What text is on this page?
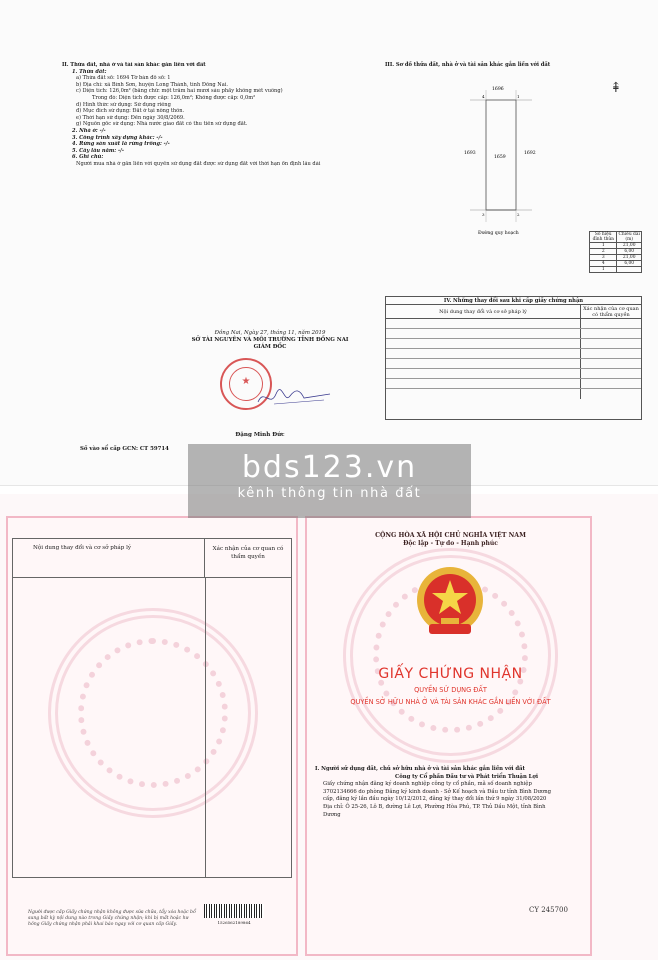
II. Thửa đất, nhà ở và tài sản khác gắn liền với đất
1. Thửa đất:
a) Thửa đất số: 1694 Tờ bản đồ số: 1
b) Địa chỉ: xã Bình Sơn, huyện Long Thành, tỉnh Đồng Nai.
c) Diện tích: 126,0m² (bằng chữ: một trăm hai mươi sáu phẩy không mét vuông)
Trong đó: Diện tích được cấp: 126,0m²; Không được cấp: 0,0m²
d) Hình thức sử dụng: Sử dụng riêng
đ) Mục đích sử dụng: Đất ở tại nông thôn.
e) Thời hạn sử dụng: Đến ngày 30/8/2069.
g) Nguồn gốc sử dụng: Nhà nước giao đất có thu tiền sử dụng đất.
2. Nhà ở: -/-
3. Công trình xây dựng khác: -/-
4. Rừng sản xuất là rừng trồng: -/-
5. Cây lâu năm: -/-
6. Ghi chú:
Người mua nhà ở gắn liền với quyền sử dụng đất được sử dụng đất với thời hạn ổn định lâu dài
Đồng Nai, Ngày 27, tháng 11, năm 2019
SỞ TÀI NGUYÊN VÀ MÔI TRƯỜNG TỈNH ĐỒNG NAI
GIÁM ĐỐC
★
Đặng Minh Đức
Số vào sổ cấp GCN: CT 59714
III. Sơ đồ thửa đất, nhà ở và tài sản khác gắn liền với đất
1696
1693
1659
1692
4	1
3	2
Đường quy hoạch
⇞
Số hiệu đỉnh thửa	Chiều dài (m)
1	21,00
2	6,00
3	21,00
4	6,00
1	
IV. Những thay đổi sau khi cấp giấy chứng nhận
Nội dung thay đổi và cơ sở pháp lý	Xác nhận của cơ quan có thẩm quyền
bds123.vn
kênh thông tin nhà đất
Nội dung thay đổi và cơ sở pháp lý	Xác nhận của cơ quan có thẩm quyền
Người được cấp Giấy chứng nhận không được sửa chữa, tẩy xóa hoặc bổ sung bất kỳ nội dung nào trong Giấy chứng nhận; khi bị mất hoặc hư hỏng Giấy chứng nhận phải khai báo ngay với cơ quan cấp Giấy.	1526562189864
CỘNG HÒA XÃ HỘI CHỦ NGHĨA VIỆT NAM
Độc lập - Tự do - Hạnh phúc
GIẤY CHỨNG NHẬN
QUYỀN SỬ DỤNG ĐẤT
QUYỀN SỞ HỮU NHÀ Ở VÀ TÀI SẢN KHÁC GẮN LIỀN VỚI ĐẤT
I. Người sử dụng đất, chủ sở hữu nhà ở và tài sản khác gắn liền với đất
Công ty Cổ phần Đầu tư và Phát triển Thuận Lợi
Giấy chứng nhận đăng ký doanh nghiệp công ty cổ phần, mã số doanh nghiệp
3702134666 do phòng Đăng ký kinh doanh - Sở Kế hoạch và Đầu tư tỉnh Bình Dương
cấp, đăng ký lần đầu ngày 10/12/2012, đăng ký thay đổi lần thứ 9 ngày 31/08/2020
Địa chỉ: Ô 25-26, Lô B, đường Lê Lợi, Phường Hòa Phú, TP. Thủ Dầu Một, tỉnh Bình
Dương
CY 245700
